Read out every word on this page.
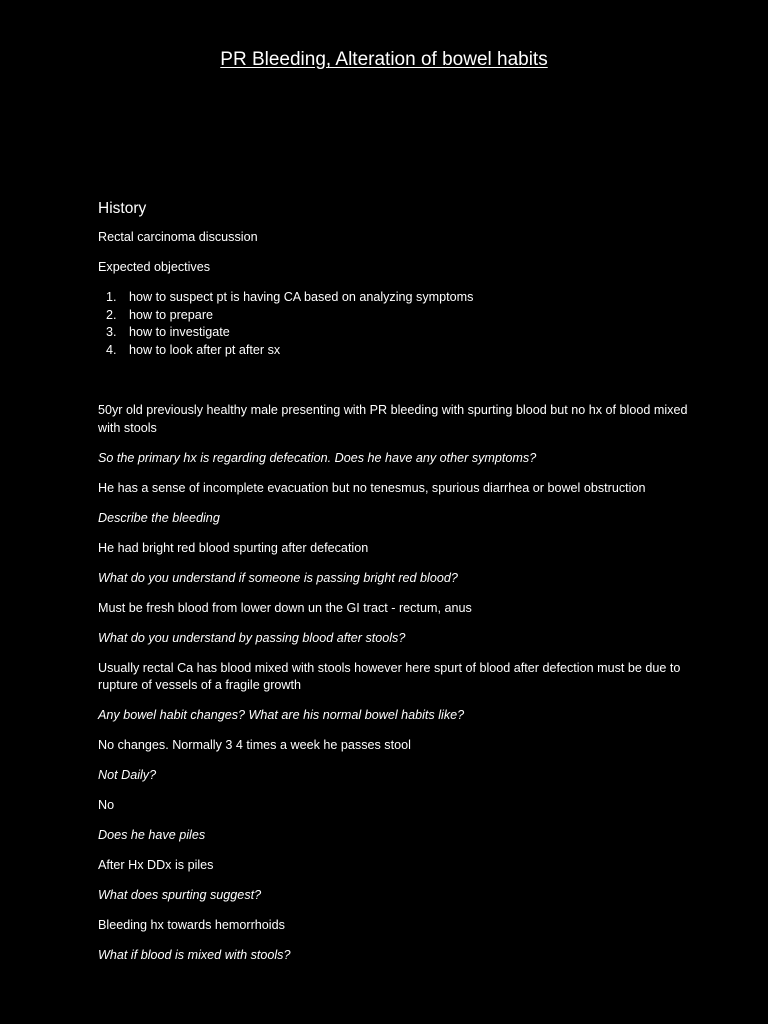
PR Bleeding, Alteration of bowel habits
History

Rectal carcinoma discussion

Expected objectives

1. how to suspect pt is having CA based on analyzing symptoms
2. how to prepare
3. how to investigate
4. how to look after pt after sx

50yr old previously healthy male presenting with PR bleeding with spurting blood but no hx of blood mixed with stools

So the primary hx is regarding defecation. Does he have any other symptoms?

He has a sense of incomplete evacuation but no tenesmus, spurious diarrhea or bowel obstruction

Describe the bleeding

He had bright red blood spurting after defecation

What do you understand if someone is passing bright red blood?

Must be fresh blood from lower down un the GI tract - rectum, anus

What do you understand by passing blood after stools?

Usually rectal Ca has blood mixed with stools however here spurt of blood after defection must be due to rupture of vessels of a fragile growth

Any bowel habit changes? What are his normal bowel habits like?

No changes. Normally 3 4 times a week he passes stool

Not Daily?

No

Does he have piles

After Hx DDx is piles

What does spurting suggest?

Bleeding hx towards hemorrhoids

What if blood is mixed with stools?
